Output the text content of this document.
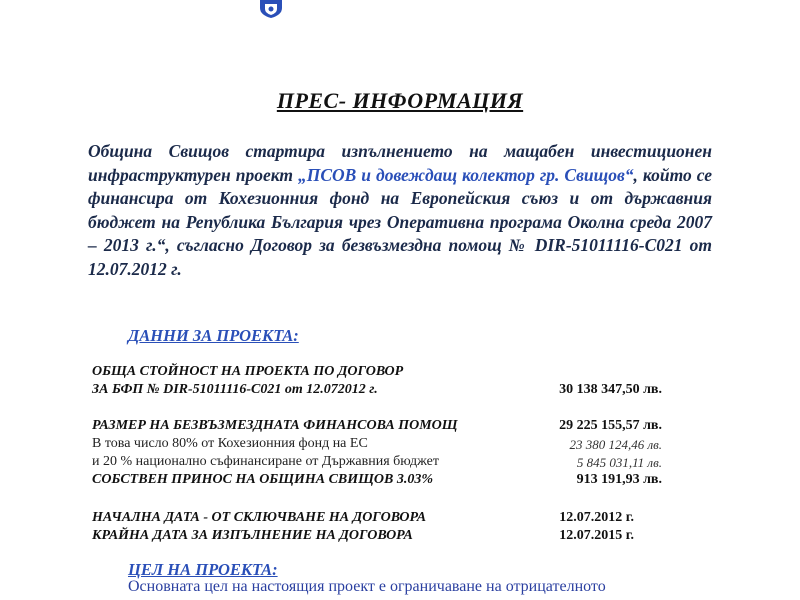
ПРЕС- ИНФОРМАЦИЯ
Община Свищов стартира изпълнението на мащабен инвестиционен инфраструктурен проект „ПСОВ и довеждащ колектор гр. Свищов“, който се финансира от Кохезионния фонд на Европейския съюз и от държавния бюджет на Република България чрез Оперативна програма Околна среда 2007 – 2013 г.“, съгласно Договор за безвъзмездна помощ № DIR-51011116-С021 от 12.07.2012 г.
ДАННИ ЗА ПРОЕКТА:
ОБЩА СТОЙНОСТ НА ПРОЕКТА ПО ДОГОВОР
ЗА БФП № DIR-51011116-С021 от 12.072012 г.	30 138 347,50 лв.
РАЗМЕР НА БЕЗВЪЗМЕЗДНАТА ФИНАНСОВА ПОМОЩ	29 225 155,57 лв.
В това число 80% от Кохезионния фонд на ЕС	23 380 124,46 лв.
и 20 % национално съфинансиране от Държавния бюджет	5 845 031,11 лв.
СОБСТВЕН ПРИНОС НА ОБЩИНА СВИЩОВ 3.03%	913 191,93 лв.
НАЧАЛНА ДАТА - ОТ СКЛЮЧВАНЕ НА ДОГОВОРА	12.07.2012 г.
КРАЙНА ДАТА ЗА ИЗПЪЛНЕНИЕ НА ДОГОВОРА	12.07.2015 г.
ЦЕЛ НА ПРОЕКТА:
Основната цел на настоящия проект е ограничаване на отрицателното
